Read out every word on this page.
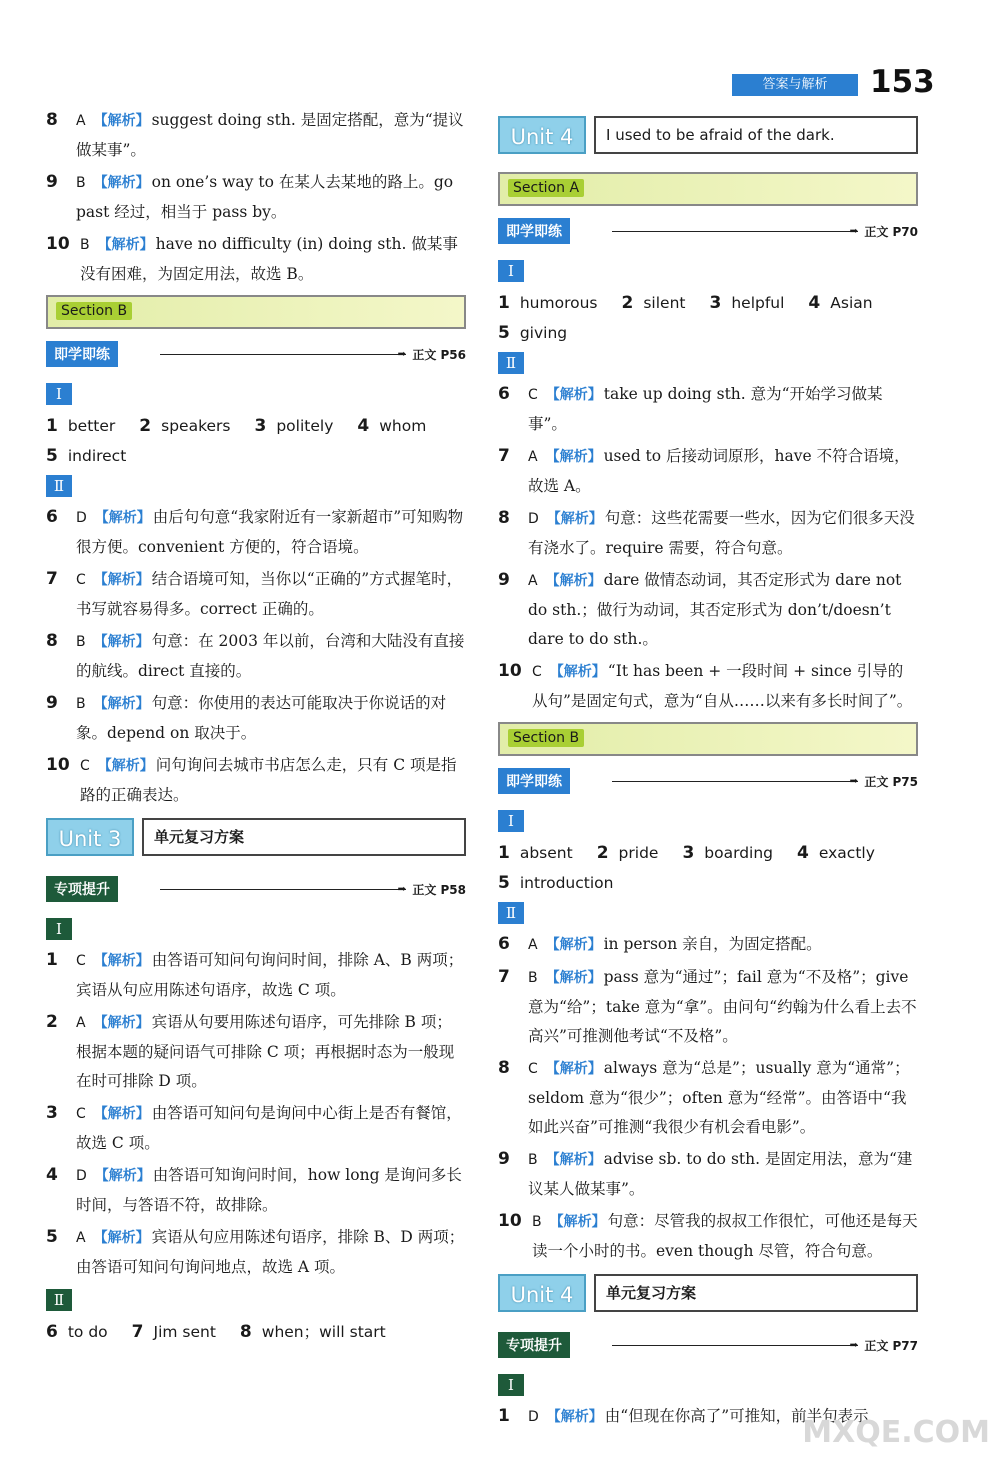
答案与解析	153
8 A 【解析】 suggest doing sth. 是固定搭配，意为“提议做某事”。
9 B 【解析】 on one’s way to 在某人去某地的路上。go past 经过，相当于 pass by。
10 B 【解析】 have no difficulty (in) doing sth. 做某事没有困难，为固定用法，故选 B。
Section B
即学即练	➡ 正文 P56
Ⅰ
1 better 2 speakers 3 politely 4 whom
5 indirect
Ⅱ
6 D 【解析】 由后句句意“我家附近有一家新超市”可知购物很方便。convenient 方便的，符合语境。
7 C 【解析】 结合语境可知，当你以“正确的”方式握笔时，书写就容易得多。correct 正确的。
8 B 【解析】 句意：在 2003 年以前，台湾和大陆没有直接的航线。direct 直接的。
9 B 【解析】 句意：你使用的表达可能取决于你说话的对象。depend on 取决于。
10 C 【解析】 问句询问去城市书店怎么走，只有 C 项是指路的正确表达。
Unit 3	单元复习方案
专项提升	➡ 正文 P58
Ⅰ
1 C 【解析】 由答语可知问句询问时间，排除 A、B 两项；宾语从句应用陈述句语序，故选 C 项。
2 A 【解析】 宾语从句要用陈述句语序，可先排除 B 项；根据本题的疑问语气可排除 C 项；再根据时态为一般现在时可排除 D 项。
3 C 【解析】 由答语可知问句是询问中心街上是否有餐馆，故选 C 项。
4 D 【解析】 由答语可知询问时间，how long 是询问多长时间，与答语不符，故排除。
5 A 【解析】 宾语从句应用陈述句语序，排除 B、D 两项；由答语可知问句询问地点，故选 A 项。
Ⅱ
6 to do 7 Jim sent 8 when；will start
Unit 4	I used to be afraid of the dark.
Section A
即学即练	➡ 正文 P70
Ⅰ
1 humorous 2 silent 3 helpful 4 Asian
5 giving
Ⅱ
6 C 【解析】 take up doing sth. 意为“开始学习做某事”。
7 A 【解析】 used to 后接动词原形，have 不符合语境，故选 A。
8 D 【解析】 句意：这些花需要一些水，因为它们很多天没有浇水了。require 需要，符合句意。
9 A 【解析】 dare 做情态动词，其否定形式为 dare not do sth.；做行为动词，其否定形式为 don’t/doesn’t dare to do sth.。
10 C 【解析】 “It has been + 一段时间 + since 引导的从句”是固定句式，意为“自从……以来有多长时间了”。
Section B
即学即练	➡ 正文 P75
Ⅰ
1 absent 2 pride 3 boarding 4 exactly
5 introduction
Ⅱ
6 A 【解析】 in person 亲自，为固定搭配。
7 B 【解析】 pass 意为“通过”；fail 意为“不及格”；give 意为“给”；take 意为“拿”。由问句“约翰为什么看上去不高兴”可推测他考试“不及格”。
8 C 【解析】 always 意为“总是”；usually 意为“通常”；seldom 意为“很少”；often 意为“经常”。由答语中“我如此兴奋”可推测“我很少有机会看电影”。
9 B 【解析】 advise sb. to do sth. 是固定用法，意为“建议某人做某事”。
10 B 【解析】 句意：尽管我的叔叔工作很忙，可他还是每天读一个小时的书。even though 尽管，符合句意。
Unit 4	单元复习方案
专项提升	➡ 正文 P77
Ⅰ
1 D 【解析】 由“但现在你高了”可推知，前半句表示
MXQE.COM
